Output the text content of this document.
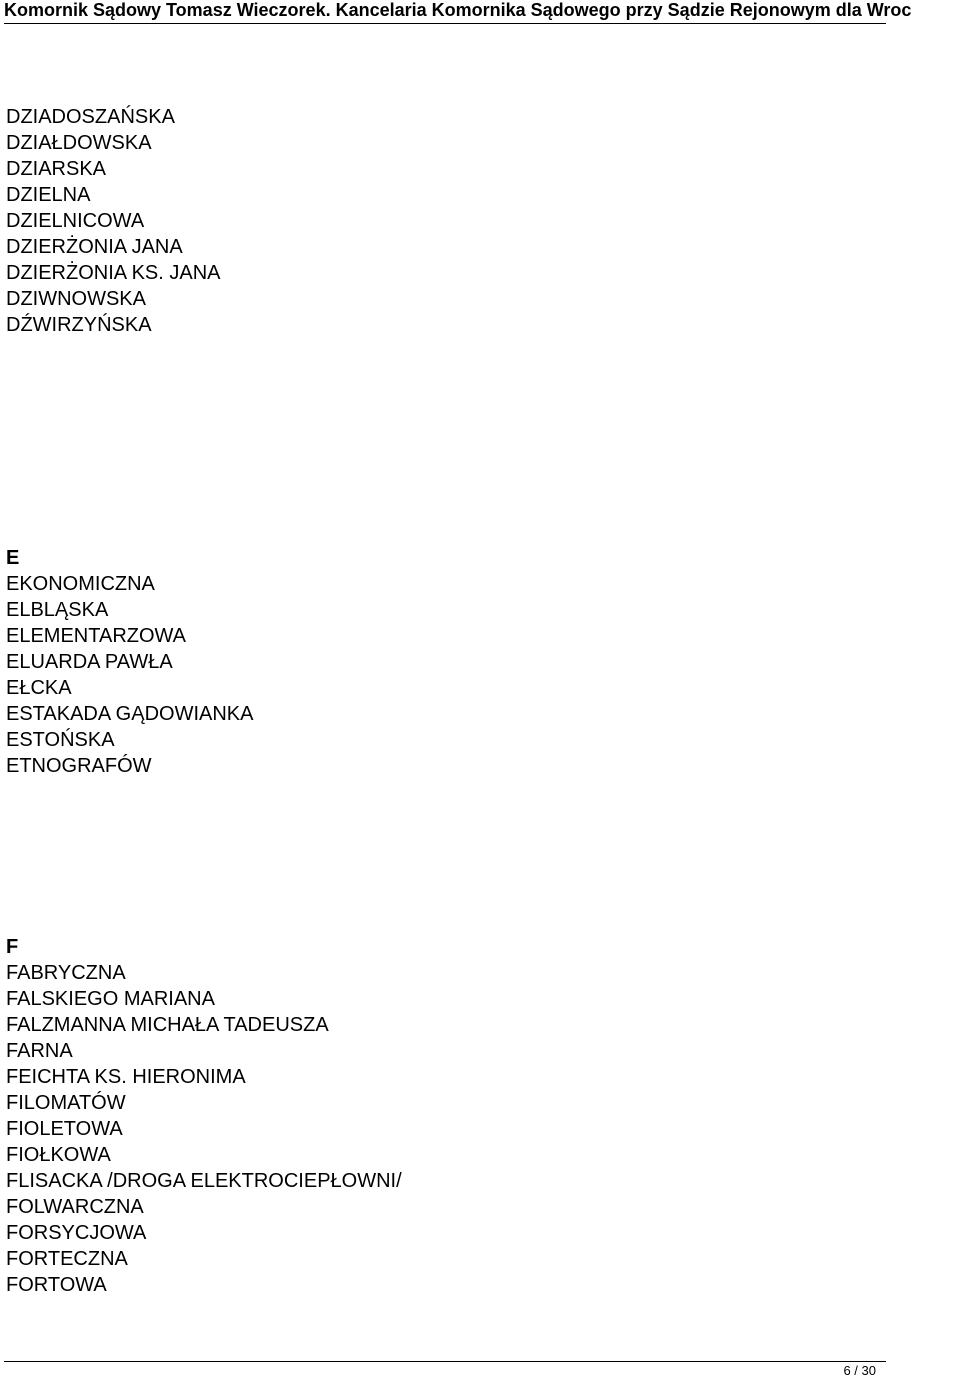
Komornik Sądowy Tomasz Wieczorek. Kancelaria Komornika Sądowego przy Sądzie Rejonowym dla Wroc
DZIADOSZAŃSKA
DZIAŁDOWSKA
DZIARSKA
DZIELNA
DZIELNICOWA
DZIERŻONIA JANA
DZIERŻONIA KS. JANA
DZIWNOWSKA
DŹWIRZYŃSKA
E
EKONOMICZNA
ELBLĄSKA
ELEMENTARZOWA
ELUARDA PAWŁA
EŁCKA
ESTAKADA GĄDOWIANKA
ESTOŃSKA
ETNOGRAFÓW
F
FABRYCZNA
FALSKIEGO MARIANA
FALZMANNA MICHAŁA TADEUSZA
FARNA
FEICHTA KS. HIERONIMA
FILOMATÓW
FIOLETOWA
FIOŁKOWA
FLISACKA /DROGA ELEKTROCIEPŁOWNI/
FOLWARCZNA
FORSYCJOWA
FORTECZNA
FORTOWA
6 / 30
